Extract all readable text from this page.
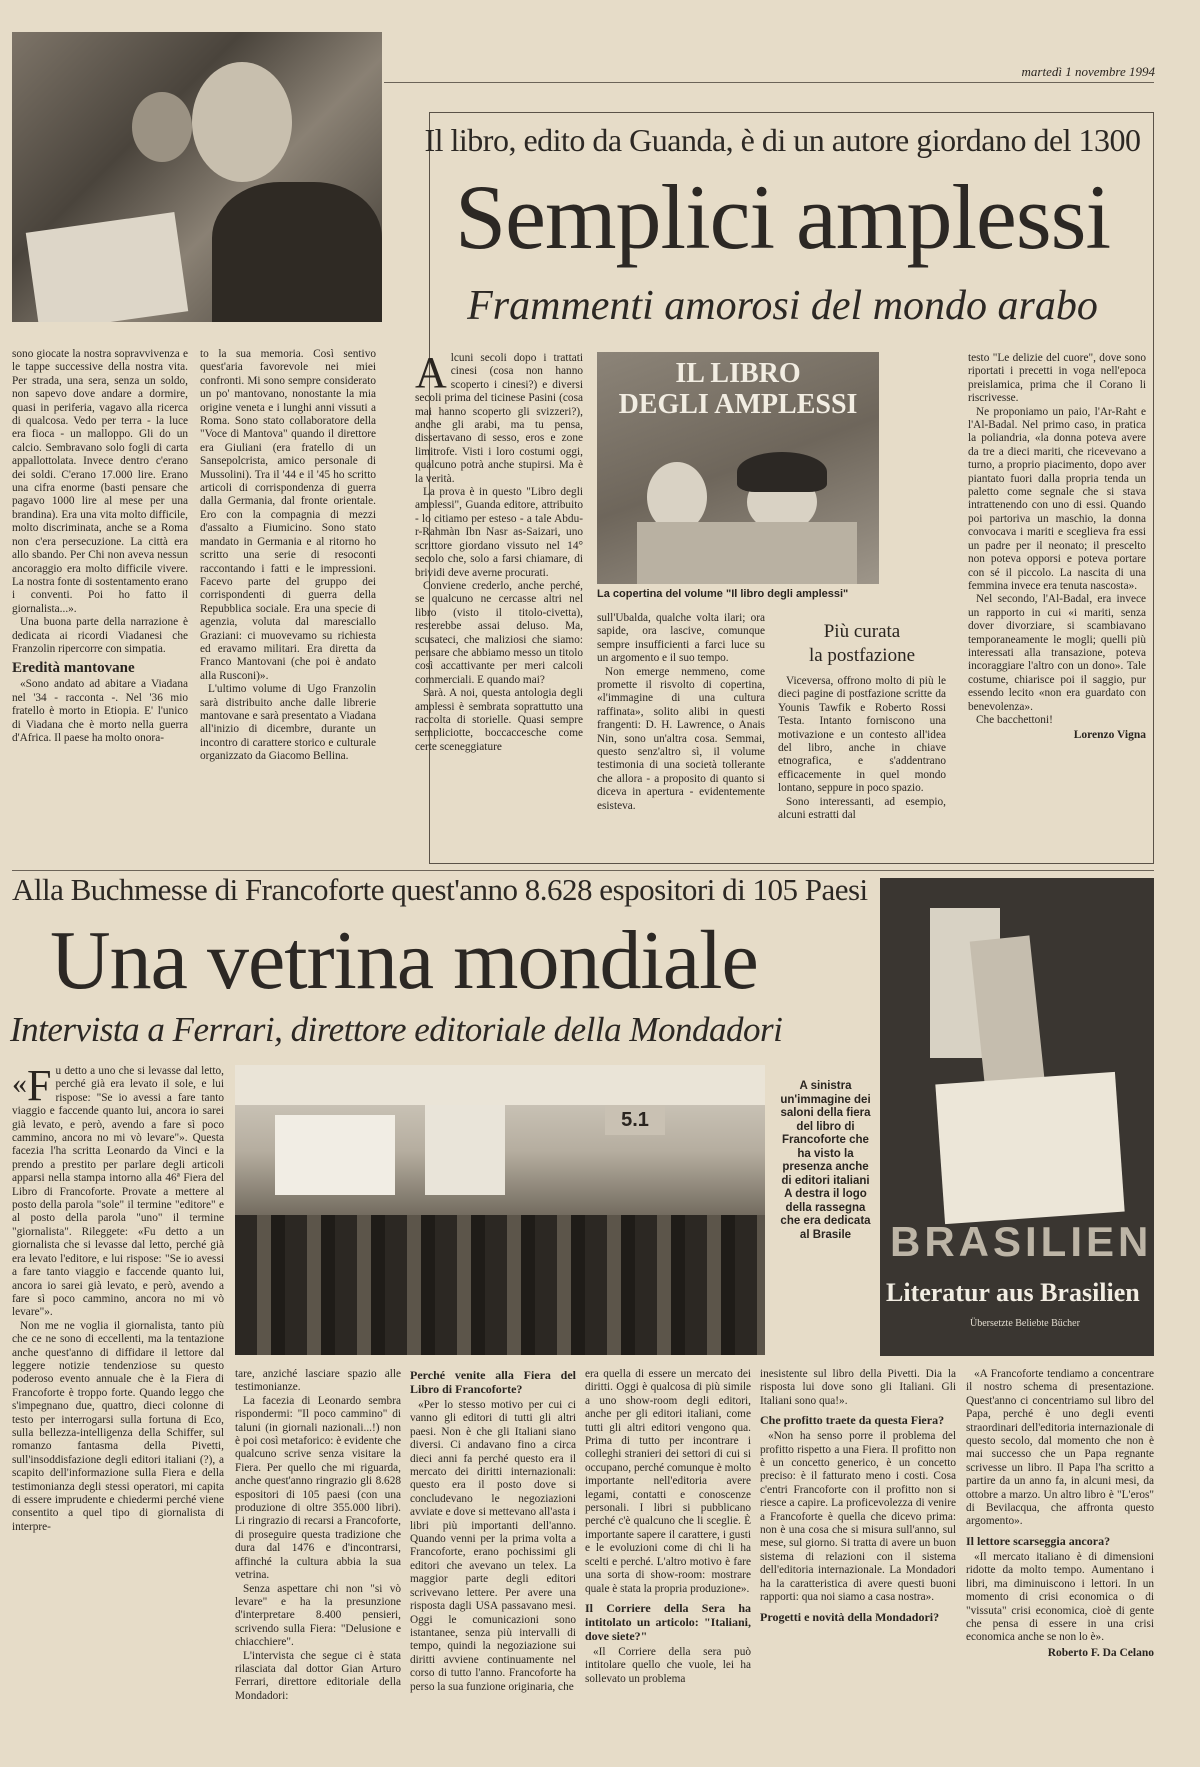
martedì 1 novembre 1994
Il libro, edito da Guanda, è di un autore giordano del 1300
Semplici amplessi
Frammenti amorosi del mondo arabo
A lcuni secoli dopo i trattati cinesi (cosa non hanno scoperto i cinesi?) e diversi secoli prima del ticinese Pasini (cosa mai hanno scoperto gli svizzeri?), anche gli arabi, ma tu pensa, dissertavano di sesso, eros e zone limitrofe. Visti i loro costumi oggi, qualcuno potrà anche stupirsi. Ma è la verità.

La prova è in questo "Libro degli amplessi", Guanda editore, attribuito - lo citiamo per esteso - a tale Abdu-r-Rahmàn Ibn Nasr as-Saizari, uno scrittore giordano vissuto nel 14° secolo che, solo a farsi chiamare, di brividi deve averne procurati.

Conviene crederlo, anche perché, se qualcuno ne cercasse altri nel libro (visto il titolo-civetta), resterebbe assai deluso. Ma, scusateci, che maliziosi che siamo: pensare che abbiamo messo un titolo così accattivante per meri calcoli commerciali. E quando mai?

Sarà. A noi, questa antologia degli amplessi è sembrata soprattutto una raccolta di storielle. Quasi sempre sempliciotte, boccaccesche come certe sceneggiature

IL LIBRO
DEGLI AMPLESSI
La copertina del volume "Il libro degli amplessi"
sull'Ubalda, qualche volta ilari; ora sapide, ora lascive, comunque sempre insufficienti a farci luce su un argomento e il suo tempo.

Non emerge nemmeno, come promette il risvolto di copertina, «l'immagine di una cultura raffinata», solito alibi in questi frangenti: D. H. Lawrence, o Anais Nin, sono un'altra cosa. Semmai, questo senz'altro sì, il volume testimonia di una società tollerante che allora - a proposito di quanto si diceva in apertura - evidentemente esisteva.

Più curata
la postfazione

Viceversa, offrono molto di più le dieci pagine di postfazione scritte da Younis Tawfik e Roberto Rossi Testa. Intanto forniscono una motivazione e un contesto all'idea del libro, anche in chiave etnografica, e s'addentrano efficacemente in quel mondo lontano, seppure in poco spazio.

Sono interessanti, ad esempio, alcuni estratti dal

testo "Le delizie del cuore", dove sono riportati i precetti in voga nell'epoca preislamica, prima che il Corano li riscrivesse.

Ne proponiamo un paio, l'Ar-Raht e l'Al-Badal. Nel primo caso, in pratica la poliandria, «la donna poteva avere da tre a dieci mariti, che ricevevano a turno, a proprio piacimento, dopo aver piantato fuori dalla propria tenda un paletto come segnale che si stava intrattenendo con uno di essi. Quando poi partoriva un maschio, la donna convocava i mariti e sceglieva fra essi un padre per il neonato; il prescelto non poteva opporsi e poteva portare con sé il piccolo. La nascita di una femmina invece era tenuta nascosta».

Nel secondo, l'Al-Badal, era invece un rapporto in cui «i mariti, senza dover divorziare, si scambiavano temporaneamente le mogli; quelli più interessati alla transazione, poteva incoraggiare l'altro con un dono». Tale costume, chiarisce poi il saggio, pur essendo lecito «non era guardato con benevolenza».

Che bacchettoni!

Lorenzo Vigna
sono giocate la nostra sopravvivenza e le tappe successive della nostra vita. Per strada, una sera, senza un soldo, non sapevo dove andare a dormire, quasi in periferia, vagavo alla ricerca di qualcosa. Vedo per terra - la luce era fioca - un malloppo. Gli do un calcio. Sembravano solo fogli di carta appallottolata. Invece dentro c'erano dei soldi. C'erano 17.000 lire. Erano una cifra enorme (basti pensare che pagavo 1000 lire al mese per una brandina). Era una vita molto difficile, molto discriminata, anche se a Roma non c'era persecuzione. La città era allo sbando. Per Chi non aveva nessun ancoraggio era molto difficile vivere. La nostra fonte di sostentamento erano i conventi. Poi ho fatto il giornalista...».

Una buona parte della narrazione è dedicata ai ricordi Viadanesi che Franzolin ripercorre con simpatia.

Eredità mantovane

«Sono andato ad abitare a Viadana nel '34 - racconta -. Nel '36 mio fratello è morto in Etiopia. E' l'unico di Viadana che è morto nella guerra d'Africa. Il paese ha molto onora-

to la sua memoria. Così sentivo quest'aria favorevole nei miei confronti. Mi sono sempre considerato un po' mantovano, nonostante la mia origine veneta e i lunghi anni vissuti a Roma. Sono stato collaboratore della "Voce di Mantova" quando il direttore era Giuliani (era fratello di un Sansepolcrista, amico personale di Mussolini). Tra il '44 e il '45 ho scritto articoli di corrispondenza di guerra dalla Germania, dal fronte orientale. Ero con la compagnia di mezzi d'assalto a Fiumicino. Sono stato mandato in Germania e al ritorno ho scritto una serie di resoconti raccontando i fatti e le impressioni. Facevo parte del gruppo dei corrispondenti di guerra della Repubblica sociale. Era una specie di agenzia, voluta dal maresciallo Graziani: ci muovevamo su richiesta ed eravamo militari. Era diretta da Franco Mantovani (che poi è andato alla Rusconi)».

L'ultimo volume di Ugo Franzolin sarà distribuito anche dalle librerie mantovane e sarà presentato a Viadana all'inizio di dicembre, durante un incontro di carattere storico e culturale organizzato da Giacomo Bellina.

Alla Buchmesse di Francoforte quest'anno 8.628 espositori di 105 Paesi
Una vetrina mondiale
Intervista a Ferrari, direttore editoriale della Mondadori
5.1
A sinistra un'immagine dei saloni della fiera del libro di Francoforte che ha visto la presenza anche di editori italiani A destra il logo della rassegna che era dedicata al Brasile BRASILIEN
Literatur aus Brasilien
Übersetzte Beliebte Bücher
« F u detto a uno che si levasse dal letto, perché già era levato il sole, e lui rispose: "Se io avessi a fare tanto viaggio e faccende quanto lui, ancora io sarei già levato, e però, avendo a fare sì poco cammino, ancora no mi vò levare"». Questa facezia l'ha scritta Leonardo da Vinci e la prendo a prestito per parlare degli articoli apparsi nella stampa intorno alla 46ª Fiera del Libro di Francoforte. Provate a mettere al posto della parola "sole" il termine "editore" e al posto della parola "uno" il termine "giornalista". Rileggete: «Fu detto a un giornalista che si levasse dal letto, perché già era levato l'editore, e lui rispose: "Se io avessi a fare tanto viaggio e faccende quanto lui, ancora io sarei già levato, e però, avendo a fare sì poco cammino, ancora no mi vò levare"».

Non me ne voglia il giornalista, tanto più che ce ne sono di eccellenti, ma la tentazione anche quest'anno di diffidare il lettore dal leggere notizie tendenziose su questo poderoso evento annuale che è la Fiera di Francoforte è troppo forte. Quando leggo che s'impegnano due, quattro, dieci colonne di testo per interrogarsi sulla fortuna di Eco, sulla bellezza-intelligenza della Schiffer, sul romanzo fantasma della Pivetti, sull'insoddisfazione degli editori italiani (?), a scapito dell'informazione sulla Fiera e della testimonianza degli stessi operatori, mi capita di essere imprudente e chiedermi perché viene consentito a quel tipo di giornalista di interpre-

tare, anziché lasciare spazio alle testimonianze.

La facezia di Leonardo sembra rispondermi: "Il poco cammino" di taluni (in giornali nazionali...!) non è poi così metaforico: è evidente che qualcuno scrive senza visitare la Fiera. Per quello che mi riguarda, anche quest'anno ringrazio gli 8.628 espositori di 105 paesi (con una produzione di oltre 355.000 libri). Li ringrazio di recarsi a Francoforte, di proseguire questa tradizione che dura dal 1476 e d'incontrarsi, affinché la cultura abbia la sua vetrina.

Senza aspettare chi non "si vò levare" e ha la presunzione d'interpretare 8.400 pensieri, scrivendo sulla Fiera: "Delusione e chiacchiere".

L'intervista che segue ci è stata rilasciata dal dottor Gian Arturo Ferrari, direttore editoriale della Mondadori:

Perché venite alla Fiera del Libro di Francoforte?

«Per lo stesso motivo per cui ci vanno gli editori di tutti gli altri paesi. Non è che gli Italiani siano diversi. Ci andavano fino a circa dieci anni fa perché questo era il mercato dei diritti internazionali: questo era il posto dove si concludevano le negoziazioni avviate e dove si mettevano all'asta i libri più importanti dell'anno. Quando venni per la prima volta a Francoforte, erano pochissimi gli editori che avevano un telex. La maggior parte degli editori scrivevano lettere. Per avere una risposta dagli USA passavano mesi. Oggi le comunicazioni sono istantanee, senza più intervalli di tempo, quindi la negoziazione sui diritti avviene continuamente nel corso di tutto l'anno. Francoforte ha perso la sua funzione originaria, che

era quella di essere un mercato dei diritti. Oggi è qualcosa di più simile a uno show-room degli editori, anche per gli editori italiani, come tutti gli altri editori vengono qua. Prima di tutto per incontrare i colleghi stranieri dei settori di cui si occupano, perché comunque è molto importante nell'editoria avere legami, contatti e conoscenze personali. I libri si pubblicano perché c'è qualcuno che li sceglie. È importante sapere il carattere, i gusti e le evoluzioni come di chi li ha scelti e perché. L'altro motivo è fare una sorta di show-room: mostrare quale è stata la propria produzione».
Il Corriere della Sera ha intitolato un articolo: "Italiani, dove siete?"

«Il Corriere della sera può intitolare quello che vuole, lei ha sollevato un problema

inesistente sul libro della Pivetti. Dia la risposta lui dove sono gli Italiani. Gli Italiani sono qua!».
Che profitto traete da questa Fiera?

«Non ha senso porre il problema del profitto rispetto a una Fiera. Il profitto non è un concetto generico, è un concetto preciso: è il fatturato meno i costi. Cosa c'entri Francoforte con il profitto non si riesce a capire. La proficevolezza di venire a Francoforte è quella che dicevo prima: non è una cosa che si misura sull'anno, sul mese, sul giorno. Si tratta di avere un buon sistema di relazioni con il sistema dell'editoria internazionale. La Mondadori ha la caratteristica di avere questi buoni rapporti: qua noi siamo a casa nostra».

Progetti e novità della Mondadori?

«A Francoforte tendiamo a concentrare il nostro schema di presentazione. Quest'anno ci concentriamo sul libro del Papa, perché è uno degli eventi straordinari dell'editoria internazionale di questo secolo, dal momento che non è mai successo che un Papa regnante scrivesse un libro. Il Papa l'ha scritto a partire da un anno fa, in alcuni mesi, da ottobre a marzo. Un altro libro è "L'eros" di Bevilacqua, che affronta questo argomento».

Il lettore scarseggia ancora?

«Il mercato italiano è di dimensioni ridotte da molto tempo. Aumentano i libri, ma diminuiscono i lettori. In un momento di crisi economica o di "vissuta" crisi economica, cioè di gente che pensa di essere in una crisi economica anche se non lo è».

Roberto F. Da Celano
